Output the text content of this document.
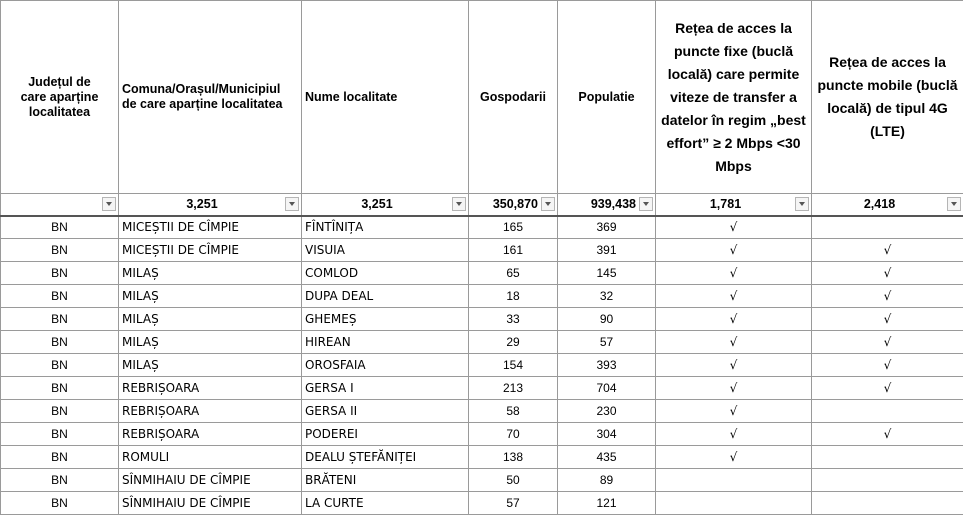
Județul de care aparține localitatea	Comuna/Orașul/Municipiul de care aparține localitatea	Nume localitate	Gospodarii	Populatie	Rețea de acces la puncte fixe (buclă locală) care permite viteze de transfer a datelor în regim „best effort” ≥ 2 Mbps <30 Mbps	Rețea de acces la puncte mobile (buclă locală) de tipul 4G (LTE)

	3,251	3,251	350,870	939,438	1,781	2,418

BN	MICEȘTII DE CÎMPIE	FÎNTÎNIȚA	165	369	√	
BN	MICEȘTII DE CÎMPIE	VISUIA	161	391	√	√
BN	MILAȘ	COMLOD	65	145	√	√
BN	MILAȘ	DUPA DEAL	18	32	√	√
BN	MILAȘ	GHEMEȘ	33	90	√	√
BN	MILAȘ	HIREAN	29	57	√	√
BN	MILAȘ	OROSFAIA	154	393	√	√
BN	REBRIȘOARA	GERSA I	213	704	√	√
BN	REBRIȘOARA	GERSA II	58	230	√	
BN	REBRIȘOARA	PODEREI	70	304	√	√
BN	ROMULI	DEALU ȘTEFĂNIȚEI	138	435	√	
BN	SÎNMIHAIU DE CÎMPIE	BRĂTENI	50	89		
BN	SÎNMIHAIU DE CÎMPIE	LA CURTE	57	121		
